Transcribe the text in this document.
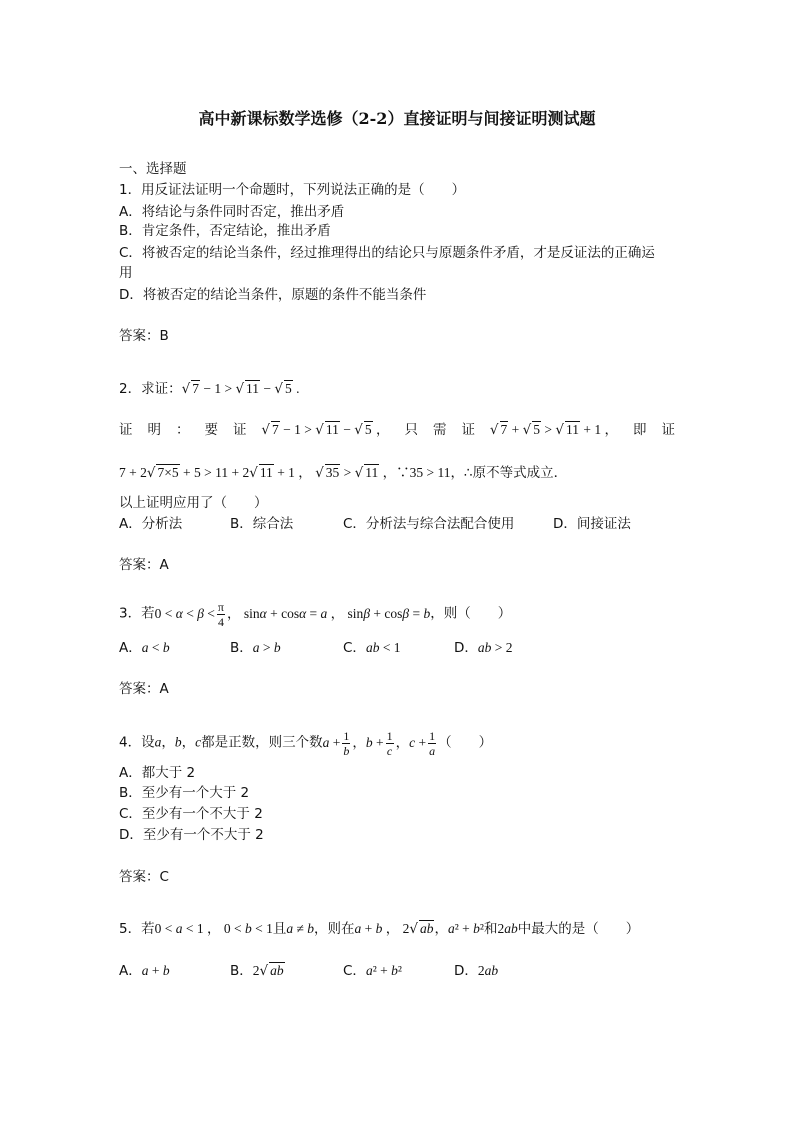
高中新课标数学选修（2-2）直接证明与间接证明测试题
一、选择题
1．用反证法证明一个命题时，下列说法正确的是（　　）
A．将结论与条件同时否定，推出矛盾
B．肯定条件，否定结论，推出矛盾
C．将被否定的结论当条件，经过推理得出的结论只与原题条件矛盾，才是反证法的正确运
用
D．将被否定的结论当条件，原题的条件不能当条件
答案：B
2．求证：√ 7 − 1 > √ 11 − √ 5 .
证 明 ： 要 证 √ 7 − 1 > √ 11 − √ 5 ， 只 需 证 √ 7 + √ 5 > √ 11 + 1 ， 即 证
7 + 2√ 7×5 + 5 > 11 + 2√ 11 + 1 ， √ 35 > √ 11 ，∵35 > 11，∴原不等式成立．
以上证明应用了（　　）
A．分析法	B．综合法	C．分析法与综合法配合使用	D．间接证法
答案：A
3．若$0 < \alpha < \beta < \frac{\pi}{4}$ ， sinα + cosα = a ， sinβ + cosβ = b，则（　　）
A．a < b	B．a > b	C．ab < 1	D．ab > 2
答案：A
4．设a，b，c都是正数，则三个数$a + \frac{1}{b}$ ，$b + \frac{1}{c}$ ，$c + \frac{1}{a}$ （　　）
A．都大于 2
B．至少有一个大于 2
C．至少有一个不大于 2
D．至少有一个不大于 2
答案：C
5．若0 < a < 1 ， 0 < b < 1且a ≠ b，则在a + b ， 2√ ab，a² + b²和2ab中最大的是（　　）
A．a + b	B．2√ ab	C．a² + b²	D．2ab
